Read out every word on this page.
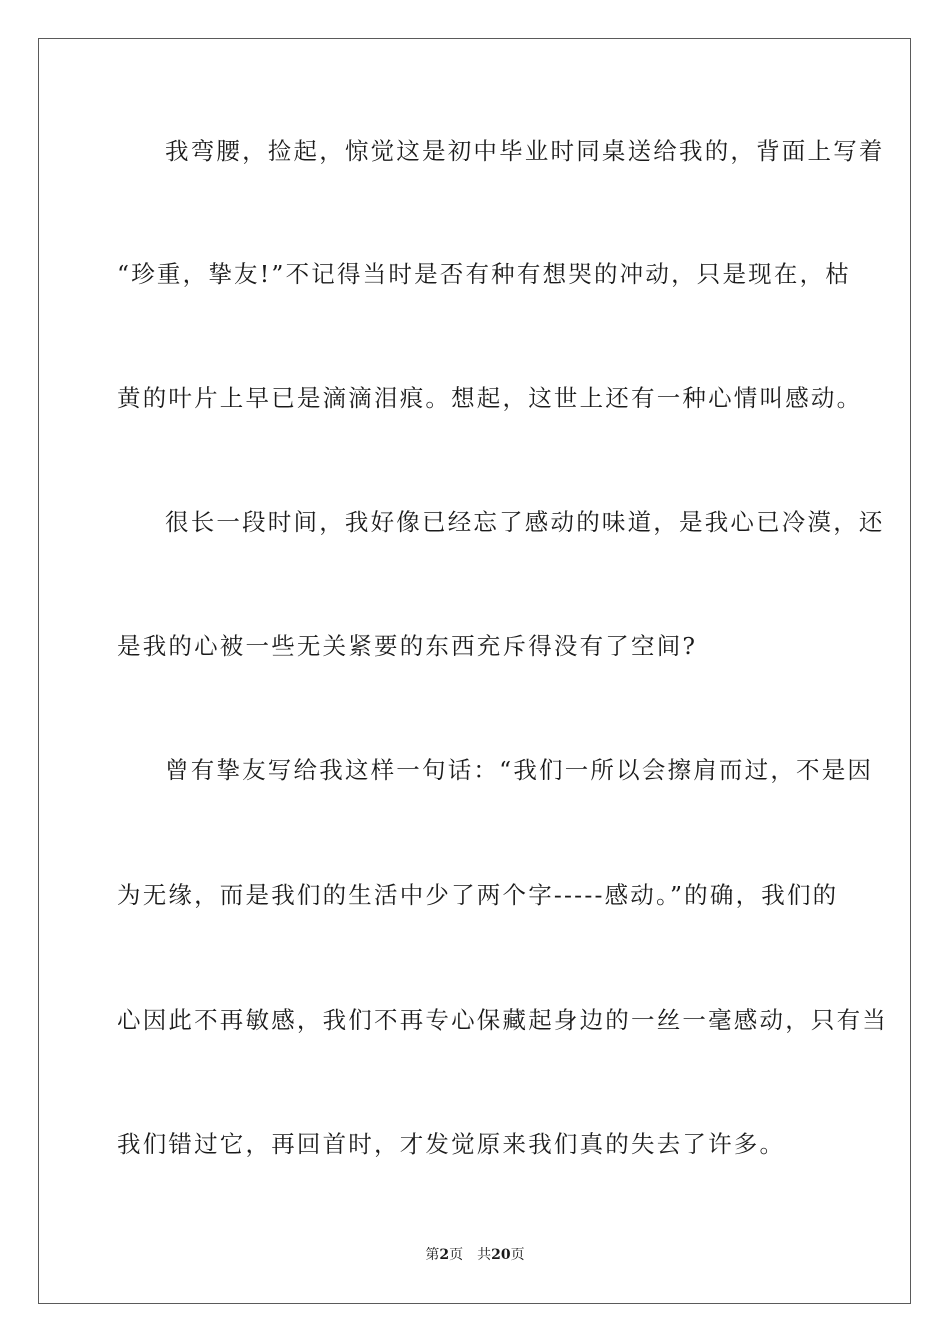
我弯腰，捡起，惊觉这是初中毕业时同桌送给我的，背面上写着
“珍重，挚友!”不记得当时是否有种有想哭的冲动，只是现在，枯
黄的叶片上早已是滴滴泪痕。想起，这世上还有一种心情叫感动。
很长一段时间，我好像已经忘了感动的味道，是我心已冷漠，还
是我的心被一些无关紧要的东西充斥得没有了空间?
曾有挚友写给我这样一句话：“我们一所以会擦肩而过，不是因
为无缘，而是我们的生活中少了两个字-----感动。”的确，我们的
心因此不再敏感，我们不再专心保藏起身边的一丝一毫感动，只有当
我们错过它，再回首时，才发觉原来我们真的失去了许多。
第2页 共20页
